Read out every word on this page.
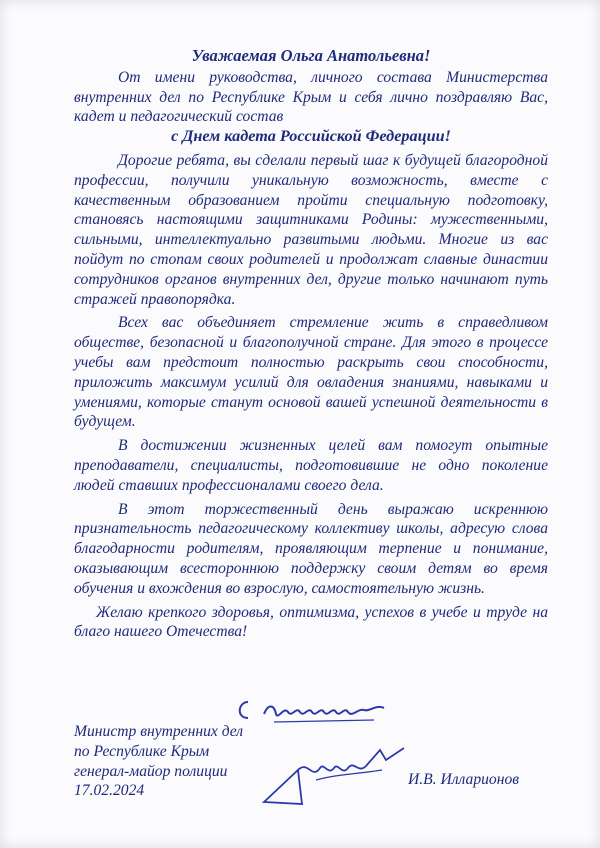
Уважаемая Ольга Анатольевна!

От имени руководства, личного состава Министерства внутренних дел по Республике Крым и себя лично поздравляю Вас, кадет и педагогический состав

с Днем кадета Российской Федерации!

Дорогие ребята, вы сделали первый шаг к будущей благородной профессии, получили уникальную возможность, вместе с качественным образованием пройти специальную подготовку, становясь настоящими защитниками Родины: мужественными, сильными, интеллектуально развитыми людьми. Многие из вас пойдут по стопам своих родителей и продолжат славные династии сотрудников органов внутренних дел, другие только начинают путь стражей правопорядка.

Всех вас объединяет стремление жить в справедливом обществе, безопасной и благополучной стране. Для этого в процессе учебы вам предстоит полностью раскрыть свои способности, приложить максимум усилий для овладения знаниями, навыками и умениями, которые станут основой вашей успешной деятельности в будущем.

В достижении жизненных целей вам помогут опытные преподаватели, специалисты, подготовившие не одно поколение людей ставших профессионалами своего дела.

В этот торжественный день выражаю искреннюю признательность педагогическому коллективу школы, адресую слова благодарности родителям, проявляющим терпение и понимание, оказывающим всестороннюю поддержку своим детям во время обучения и вхождения во взрослую, самостоятельную жизнь.

Желаю крепкого здоровья, оптимизма, успехов в учебе и труде на благо нашего Отечества!

Министр внутренних дел
по Республике Крым
генерал-майор полиции
17.02.2024
И.В. Илларионов
